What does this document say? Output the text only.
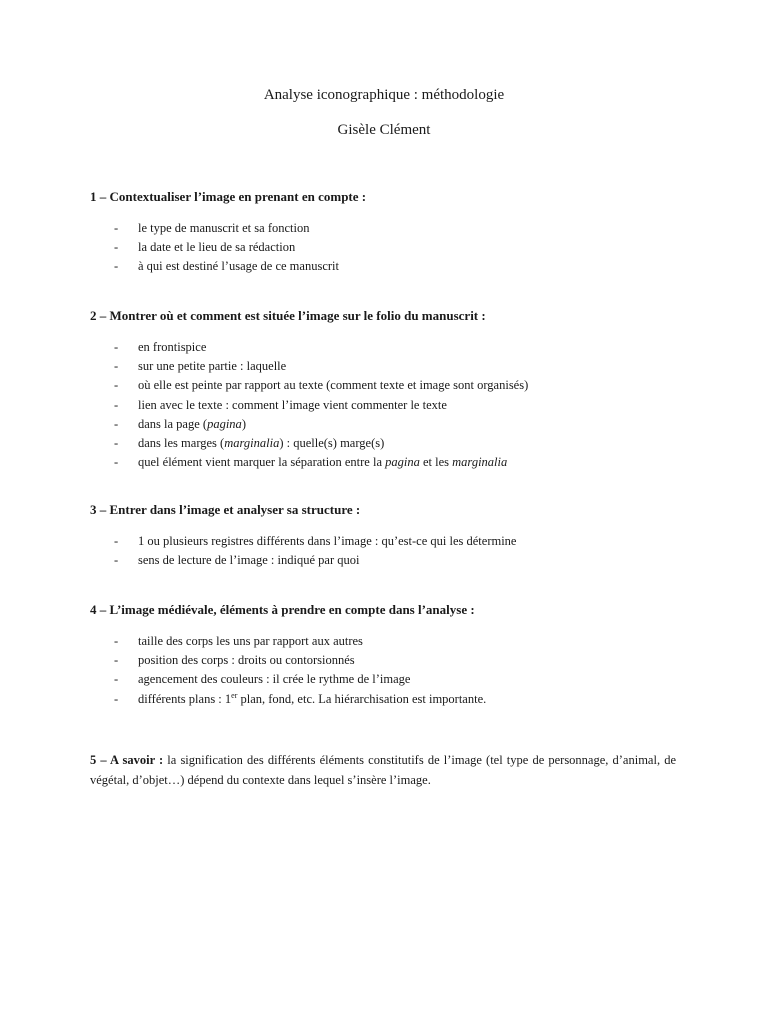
Analyse iconographique : méthodologie
Gisèle Clément

1 – Contextualiser l’image en prenant en compte :

- le type de manuscrit et sa fonction
- la date et le lieu de sa rédaction
- à qui est destiné l’usage de ce manuscrit

2 – Montrer où et comment est située l’image sur le folio du manuscrit :

- en frontispice
- sur une petite partie : laquelle
- où elle est peinte par rapport au texte (comment texte et image sont organisés)
- lien avec le texte : comment l’image vient commenter le texte
- dans la page (pagina)
- dans les marges (marginalia) : quelle(s) marge(s)
- quel élément vient marquer la séparation entre la pagina et les marginalia

3 – Entrer dans l’image et analyser sa structure :

- 1 ou plusieurs registres différents dans l’image : qu’est-ce qui les détermine
- sens de lecture de l’image : indiqué par quoi

4 – L’image médiévale, éléments à prendre en compte dans l’analyse :

- taille des corps les uns par rapport aux autres
- position des corps : droits ou contorsionnés
- agencement des couleurs : il crée le rythme de l’image
- différents plans : 1er plan, fond, etc. La hiérarchisation est importante.

5 – A savoir : la signification des différents éléments constitutifs de l’image (tel type de personnage, d’animal, de végétal, d’objet…) dépend du contexte dans lequel s’insère l’image.
